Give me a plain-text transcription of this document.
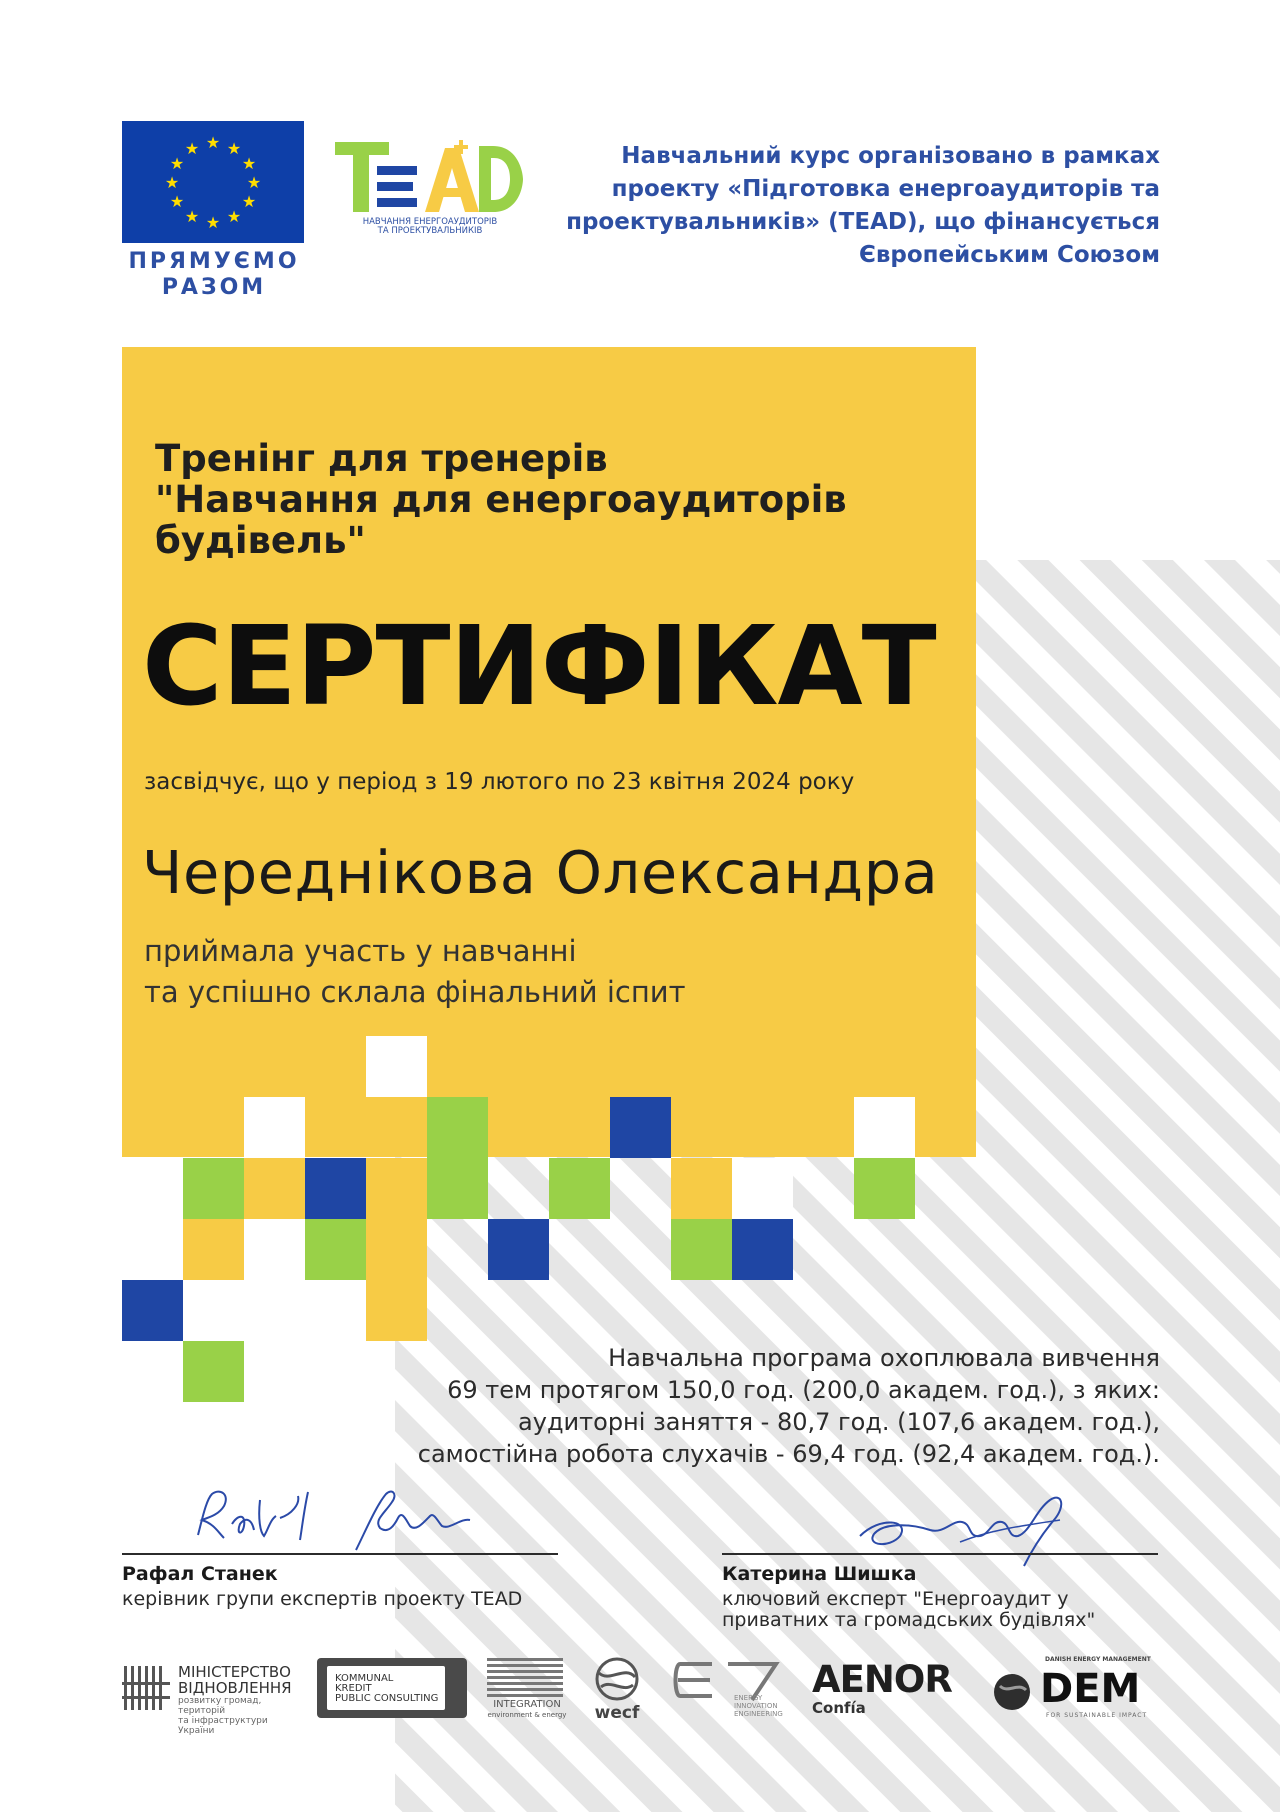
★ ★
★
★
★
★
★
★
★
★
★
★
ПРЯМУЄМО
РАЗОМ
НАВЧАННЯ ЕНЕРГОАУДИТОРІВ
ТА ПРОЕКТУВАЛЬНИКІВ
Навчальний курс організовано в рамках
проекту «Підготовка енергоаудиторів та
проектувальників» (TEAD), що фінансується
Європейським Союзом
Тренінг для тренерів
"Навчання для енергоаудиторів
будівель"
СЕРТИФІКАТ
засвідчує, що у період з 19 лютого по 23 квітня 2024 року
Череднікова Олександра
приймала участь у навчанні
та успішно склала фінальний іспит
Навчальна програма охоплювала вивчення
69 тем протягом 150,0 год. (200,0 академ. год.), з яких:
аудиторні заняття - 80,7 год. (107,6 академ. год.),
самостійна робота слухачів - 69,4 год. (92,4 академ. год.).
Рафал Станек
керівник групи експертів проекту TEAD
Катерина Шишка
ключовий експерт "Енергоаудит у
приватних та громадських будівлях"
МІНІСТЕРСТВО
ВІДНОВЛЕННЯ
розвитку громад, територій
та інфраструктури України
KOMMUNAL
KREDIT
PUBLIC CONSULTING
INTEGRATION
environment & energy	wecf
ENERGY
INNOVATION
ENGINEERING
AENOR
Confía
DANISH ENERGY MANAGEMENT
DEM
FOR SUSTAINABLE IMPACT
